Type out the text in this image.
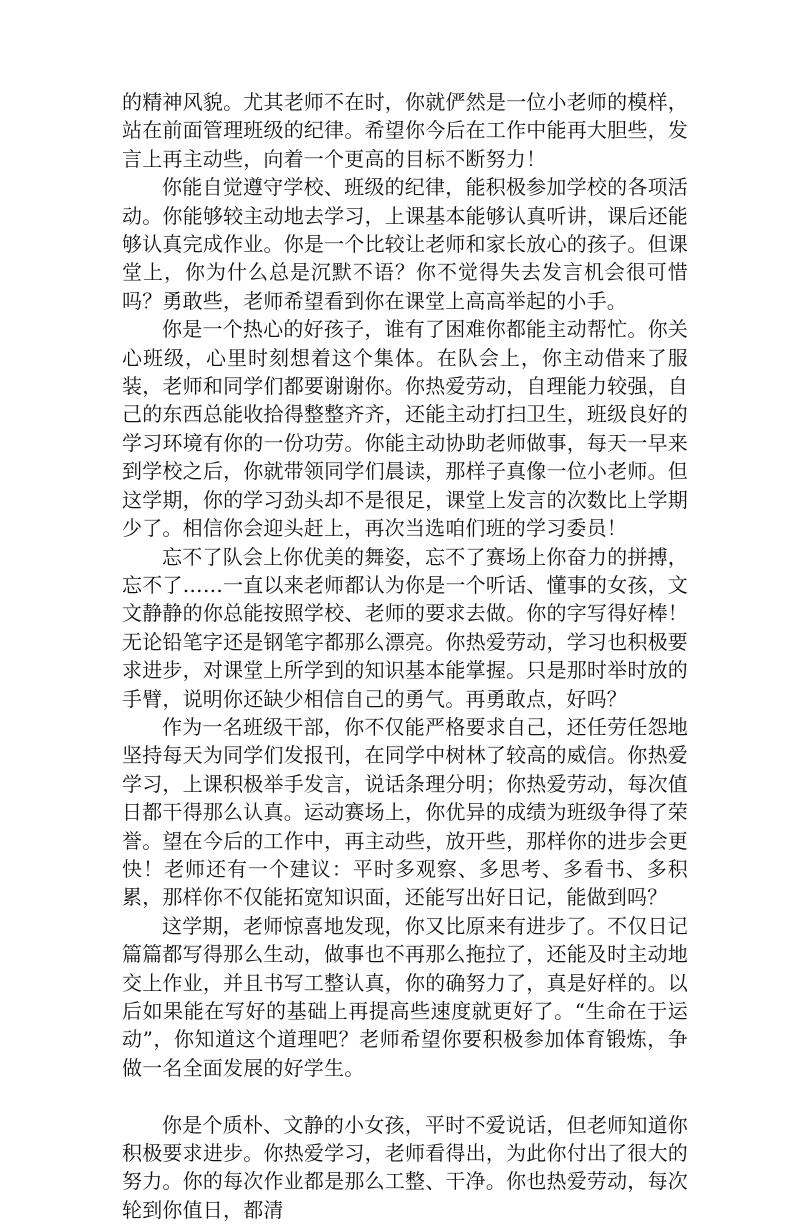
的精神风貌。尤其老师不在时，你就俨然是一位小老师的模样，站在前面管理班级的纪律。希望你今后在工作中能再大胆些，发言上再主动些，向着一个更高的目标不断努力！

你能自觉遵守学校、班级的纪律，能积极参加学校的各项活动。你能够较主动地去学习，上课基本能够认真听讲，课后还能够认真完成作业。你是一个比较让老师和家长放心的孩子。但课堂上，你为什么总是沉默不语？你不觉得失去发言机会很可惜吗？勇敢些，老师希望看到你在课堂上高高举起的小手。

你是一个热心的好孩子，谁有了困难你都能主动帮忙。你关心班级，心里时刻想着这个集体。在队会上，你主动借来了服装，老师和同学们都要谢谢你。你热爱劳动，自理能力较强，自己的东西总能收拾得整整齐齐，还能主动打扫卫生，班级良好的学习环境有你的一份功劳。你能主动协助老师做事，每天一早来到学校之后，你就带领同学们晨读，那样子真像一位小老师。但这学期，你的学习劲头却不是很足，课堂上发言的次数比上学期少了。相信你会迎头赶上，再次当选咱们班的学习委员！

忘不了队会上你优美的舞姿，忘不了赛场上你奋力的拼搏，忘不了……一直以来老师都认为你是一个听话、懂事的女孩，文文静静的你总能按照学校、老师的要求去做。你的字写得好棒！无论铅笔字还是钢笔字都那么漂亮。你热爱劳动，学习也积极要求进步，对课堂上所学到的知识基本能掌握。只是那时举时放的手臂，说明你还缺少相信自己的勇气。再勇敢点，好吗？

作为一名班级干部，你不仅能严格要求自己，还任劳任怨地坚持每天为同学们发报刊，在同学中树林了较高的威信。你热爱学习，上课积极举手发言，说话条理分明；你热爱劳动，每次值日都干得那么认真。运动赛场上，你优异的成绩为班级争得了荣誉。望在今后的工作中，再主动些，放开些，那样你的进步会更快！老师还有一个建议：平时多观察、多思考、多看书、多积累，那样你不仅能拓宽知识面，还能写出好日记，能做到吗？

这学期，老师惊喜地发现，你又比原来有进步了。不仅日记篇篇都写得那么生动，做事也不再那么拖拉了，还能及时主动地交上作业，并且书写工整认真，你的确努力了，真是好样的。以后如果能在写好的基础上再提高些速度就更好了。“生命在于运动”，你知道这个道理吧？老师希望你要积极参加体育锻炼，争做一名全面发展的好学生。

你是个质朴、文静的小女孩，平时不爱说话，但老师知道你积极要求进步。你热爱学习，老师看得出，为此你付出了很大的努力。你的每次作业都是那么工整、干净。你也热爱劳动，每次轮到你值日，都清
